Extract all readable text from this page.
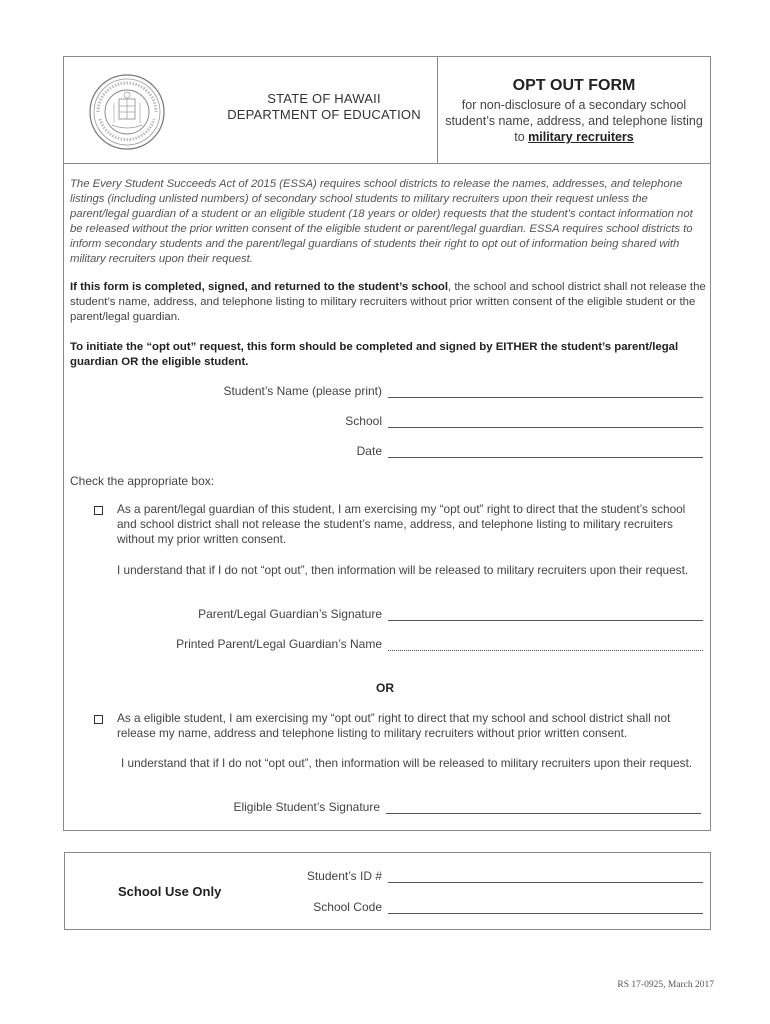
STATE OF HAWAII
DEPARTMENT OF EDUCATION
OPT OUT FORM
for non-disclosure of a secondary school student’s name, address, and telephone listing to military recruiters
The Every Student Succeeds Act of 2015 (ESSA) requires school districts to release the names, addresses, and telephone listings (including unlisted numbers) of secondary school students to military recruiters upon their request unless the parent/legal guardian of a student or an eligible student (18 years or older) requests that the student’s contact information not be released without the prior written consent of the eligible student or parent/legal guardian. ESSA requires school districts to inform secondary students and the parent/legal guardians of students their right to opt out of information being shared with military recruiters upon their request.
If this form is completed, signed, and returned to the student’s school, the school and school district shall not release the student’s name, address, and telephone listing to military recruiters without prior written consent of the eligible student or the parent/legal guardian.
To initiate the “opt out” request, this form should be completed and signed by EITHER the student’s parent/legal guardian OR the eligible student.
Student’s Name (please print)
School
Date
Check the appropriate box:
As a parent/legal guardian of this student, I am exercising my “opt out” right to direct that the student’s school and school district shall not release the student’s name, address, and telephone listing to military recruiters without my prior written consent.
I understand that if I do not “opt out”, then information will be released to military recruiters upon their request.
Parent/Legal Guardian’s Signature
Printed Parent/Legal Guardian’s Name
OR
As a eligible student, I am exercising my “opt out” right to direct that my school and school district shall not release my name, address and telephone listing to military recruiters without prior written consent.
I understand that if I do not “opt out”, then information will be released to military recruiters upon their request.
Eligible Student’s Signature
School Use Only
Student’s ID #
School Code
RS 17-0925, March 2017
